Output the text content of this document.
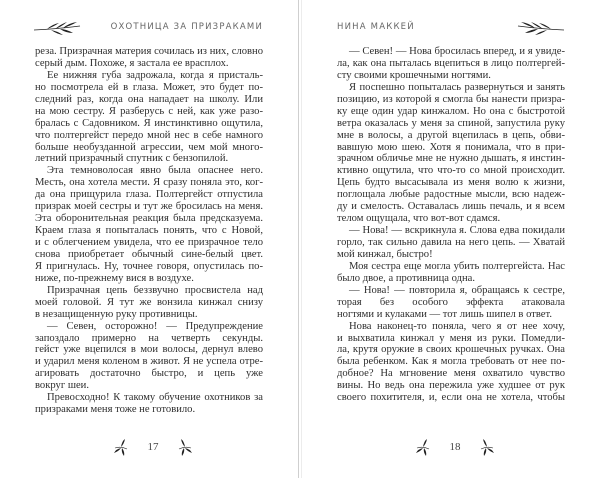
ОХОТНИЦА ЗА ПРИЗРАКАМИ
реза. Призрачная материя сочилась из них, словно
серый дым. Похоже, я застала ее врасплох.
Ее нижняя губа задрожала, когда я присталь-
но посмотрела ей в глаза. Может, это будет по-
следний раз, когда она нападает на школу. Или
на мою сестру. Я разберусь с ней, как уже разо-
бралась с Садовником. Я инстинктивно ощутила,
что полтергейст передо мной нес в себе намного
больше необузданной агрессии, чем мой много-
летний призрачный спутник с бензопилой.
Эта темноволосая явно была опаснее него.
Месть, она хотела мести. Я сразу поняла это, ког-
да она прищурила глаза. Полтергейст отпустила
призрак моей сестры и тут же бросилась на меня.
Эта оборонительная реакция была предсказуема.
Краем глаза я попыталась понять, что с Новой,
и с облегчением увидела, что ее призрачное тело
снова приобретает обычный сине-белый цвет.
Я пригнулась. Ну, точнее говоря, опустилась по-
ниже, по-прежнему вися в воздухе.
Призрачная цепь беззвучно просвистела над
моей головой. Я тут же вонзила кинжал снизу
в незащищенную руку противницы.
— Севен, осторожно! — Предупреждение
запоздало примерно на четверть секунды.
гейст уже вцепился в мои волосы, дернул влево
и ударил меня коленом в живот. Я не успела отре-
агировать достаточно быстро, и цепь уже
вокруг шеи.
Превосходно! К такому обучение охотников за
призраками меня тоже не готовило.
17
НИНА МАККЕЙ
— Севен! — Нова бросилась вперед, и я увиде-
ла, как она пыталась вцепиться в лицо полтергей-
сту своими крошечными ногтями.
Я поспешно попыталась развернуться и занять
позицию, из которой я смогла бы нанести призра-
ку еще один удар кинжалом. Но она с быстротой
ветра оказалась у меня за спиной, запустила руку
мне в волосы, а другой вцепилась в цепь, обви-
вавшую мою шею. Хотя я понимала, что в при-
зрачном обличье мне не нужно дышать, я инстин-
ктивно ощутила, что что-то со мной происходит.
Цепь будто высасывала из меня волю к жизни,
поглощала любые радостные мысли, всю надеж-
ду и смелость. Оставалась лишь печаль, и я всем
телом ощущала, что вот-вот сдамся.
— Нова! — вскрикнула я. Слова едва покидали
горло, так сильно давила на него цепь. — Хватай
мой кинжал, быстро!
Моя сестра еще могла убить полтергейста. Нас
было двое, а противница одна.
— Нова! — повторила я, обращаясь к сестре,
торая без особого эффекта атаковала
ногтями и кулаками — тот лишь шипел в ответ.
Нова наконец-то поняла, чего я от нее хочу,
и выхватила кинжал у меня из руки. Помедли-
ла, крутя оружие в своих крошечных ручках. Она
была ребенком. Как я могла требовать от нее по-
добное? На мгновение меня охватило чувство
вины. Но ведь она пережила уже худшее от рук
своего похитителя, и, если она не хотела, чтобы
18
